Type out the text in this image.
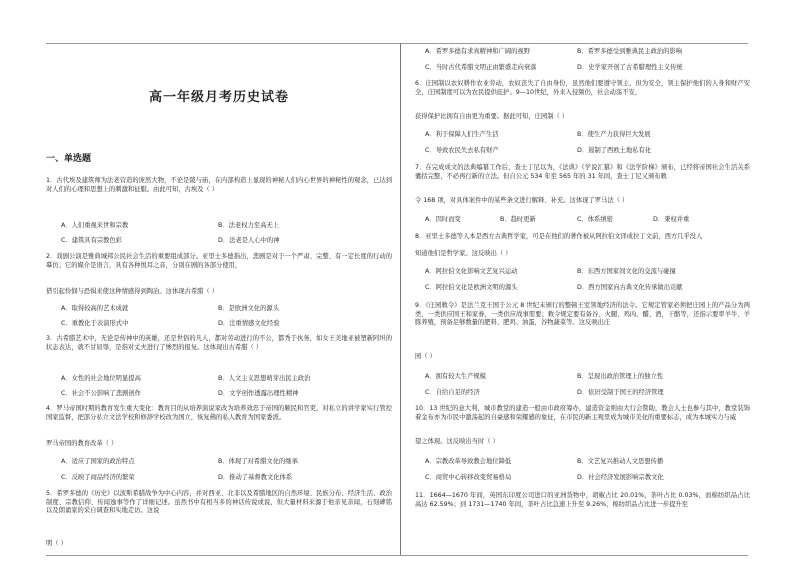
高一年级月考历史试卷
一、单选题

1．古代埃及建筑师为法老营造的庞然大物，不论是陵与庙，在内部构造上显现的神秘人们内心世界的神秘性的观念，已达到对人们的心理和思想上的刺激和征服。由此可知，古埃及（ ）

A．人们重视来世和宗教	B．法老权力至高无上
C．建筑具有宗教色彩	D．法老是人心中的神

2．戏剧公演是雅典城邦公民社会生活的重要组成部分。亚里士多德指出，悲剧是对于一个严肃、完整、有一定长度的行动的摹仿；它的媒介是语言，具有各种悦耳之音，分别在剧的各部分使用，

借引起怜悯与恐惧来使这种情感得到陶冶。这体现古希腊（ ）

A．取得较高的艺术成就	B．是欧洲文化的源头
C．重教化于表演形式中	D．注重情感文化经验

3．古希腊艺术中，无论是传神中的英雄，还是世俗的凡人，都对劳动进行的不公，都秀于执务，如女王美地亚被塑新阿坦的状态表达，就不甘屈辱，是指对丈夫进行了惨烈的报复。这体现出古希腊（ ）

A．女性的社会地位明显提高	B．人文主义思想萌芽出民主政治
C．社会不公影响了悲剧创作	D．文学创作透露出理性精神

4．罗马帝国时期的教育发生重大变化：教育目的从培养演说家改为培养效忠于帝国的顺民和官吏，对私立的讲学家实行管控国家监督，把部分私立文法学校和修辞学校改为国立，恢复佛的私人教育为国家委派。

罗马帝国的教育改革（ ）

A．适应了国家的政治特点	B．体现了对希腊文化的继承
C．反映了商品经济的繁荣	D．推动了基督教文化体系

5．希罗多德的《历史》以波斯希腊战争为中心内容，并对西亚、北非以及希腊地区的自然环境、民族分布、经济生活、政治制度、宗教信仰、传闻逸事等作了详细记述。虽然书中有相当多的神话传说或说，但大量材料来源于他亲见亲闻，石刻碑铭以及朗诵家的采自调查和实地走访。这说

明（ ）

A．希罗多德有求真精神和广阔的视野	B．希罗多德受到雅典民主政治的影响
C．当时古代希腊文明正由繁盛走向衰落	D．史学家开创了古希腊理性主义传统

6．庄园制以农奴耕作农业劳动，农奴丧失了自由身份，虽然他们要遵守领主，但为安全，领主保护他们的人身和财产安全，庄园制度可以为农民提供庇护。9—10世纪，外来入侵频仍，社会动荡不安，

获得保护比拥有自由更为重要。据此可知，庄园制（ ）

A．利于保障人们生产生活	B．使生产力获得巨大发展
C．导致农民失去私有财产	D．遏制了西欧土地私有化

7．在完成成文的法典编纂工作后，查士丁尼以为，《法典》《学说汇纂》和《法学阶梯》颁布，已经将帝国社会生活关系囊括完整，不必再行新的立法。但自公元 534 年至 565 年的 31 年间，查士丁尼又颁布敕

令 168 项，对具体案件中的某些条文进行解释、补充。这体现了罗马法（ ）

A．因时而变	B．趋时更新	C．体系缜密	D．秉权并重

8．亚里士多德等人本是西方古典哲学家，可是在他们的著作被从阿拉伯文译成拉丁文前，西方几乎没人

知道他们是哲学家。这反映出（ ）

A．阿拉伯文化影响文艺复兴运动	B．东西方国家间文化的交流与碰撞
C．阿拉伯文化是欧洲文明的源头	D．西方国家向古典文化传承做出贡献

9．《庄园敕令》是法兰克王国于公元 8 世纪末颁行的整顿王室领地经济的法令。它规定管家必须把庄园上的产品分为两类，一类供应国王和家眷，一类供应战事需要；敕令规定要有备谷、火腿、鸡肉、醋、酒，干酪等，还指示要率羊牛、羊豚养殖，预备足够数量的肥料、肥鸡、油蛋，谷物蔬菜等。这反映出庄

园（ ）

A．拥有较大生产规模	B．呈现出政治管理上的独立性
C．自给自足的经济	D．依旧受制于国王的经济管理

10．13 世纪的意大利，城市教堂的建造一般由市政府筹办，建造资金则由大行会赞助，教会人士也参与其中，教堂装饰着金布亦为市民中激荡起的自豪感和荣耀感的象征，在市民的新主观里成为城市美化的重要标志，成为本城实力与威

望之体现。这反映出当时（ ）

A．宗教改革导致教会地位降低	B．文艺复兴推动人文思想传播
C．商贸中心转移改变贸易格局	D．社会经济发展影响宗教文化

11．1664—1670 年间，英国东印度公司进口的亚洲货物中，胡椒占比 20.01%，茶叶占比 0.03%，而棉纺织品占比高达 62.59%；到 1731—1740 年间，茶叶占比急速上升至 9.26%，棉纺织品占比进一步提升至
